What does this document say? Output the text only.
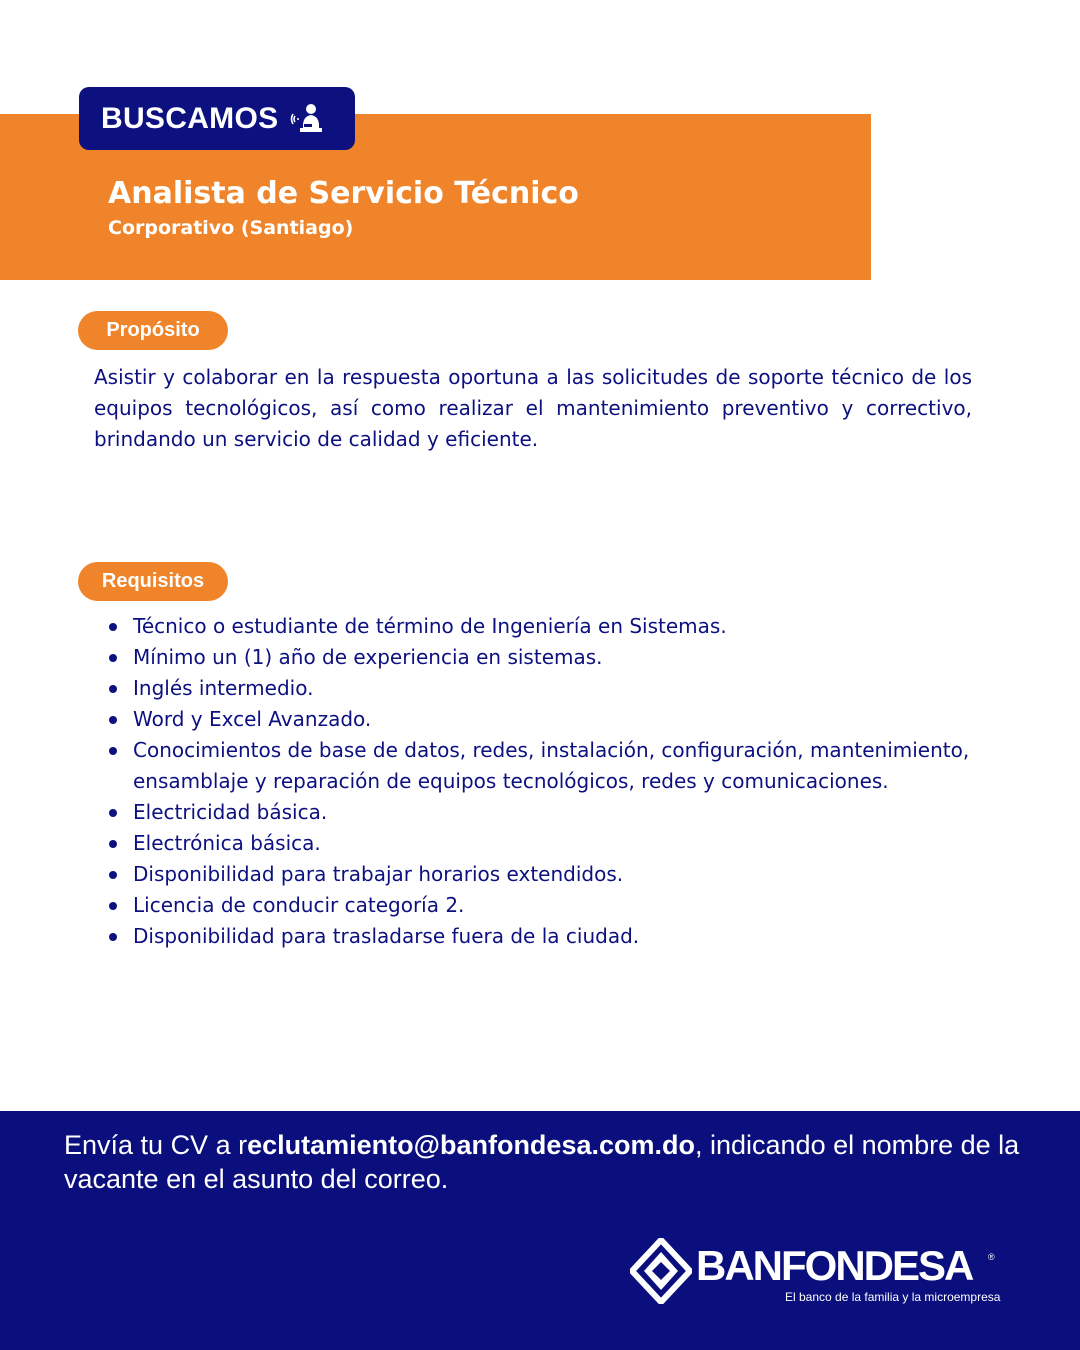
BUSCAMOS
Analista de Servicio Técnico
Corporativo (Santiago)
Propósito

Asistir y colaborar en la respuesta oportuna a las solicitudes de soporte técnico de los equipos tecnológicos, así como realizar el mantenimiento preventivo y correctivo, brindando un servicio de calidad y eficiente.

Requisitos
Técnico o estudiante de término de Ingeniería en Sistemas.
Mínimo un (1) año de experiencia en sistemas.
Inglés intermedio.
Word y Excel Avanzado.
Conocimientos de base de datos, redes, instalación, configuración, mantenimiento, ensamblaje y reparación de equipos tecnológicos, redes y comunicaciones.
Electricidad básica.
Electrónica básica.
Disponibilidad para trabajar horarios extendidos.
Licencia de conducir categoría 2.
Disponibilidad para trasladarse fuera de la ciudad.
Envía tu CV a reclutamiento@banfondesa.com.do, indicando el nombre de la vacante en el asunto del correo.
BANFONDESA ®
El banco de la familia y la microempresa
